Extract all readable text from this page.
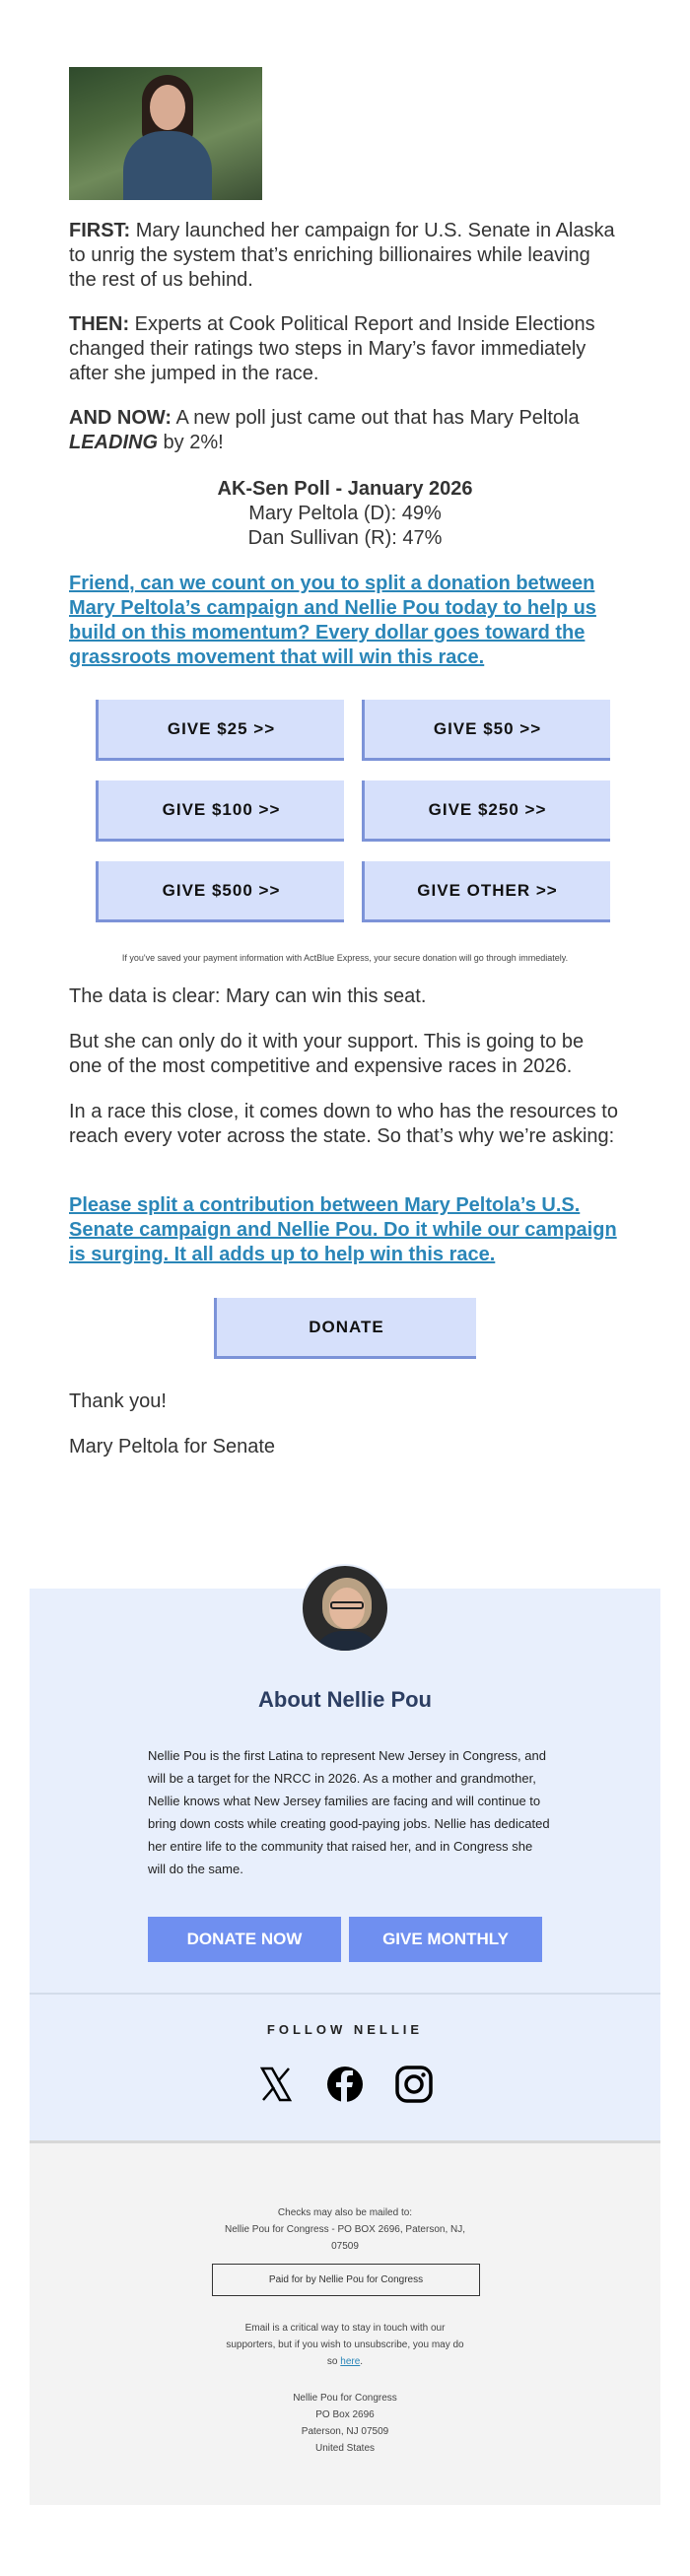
FIRST: Mary launched her campaign for U.S. Senate in Alaska to unrig the system that’s enriching billionaires while leaving the rest of us behind.
THEN: Experts at Cook Political Report and Inside Elections changed their ratings two steps in Mary’s favor immediately after she jumped in the race.
AND NOW: A new poll just came out that has Mary Peltola LEADING by 2%!
AK-Sen Poll - January 2026
Mary Peltola (D): 49%
Dan Sullivan (R): 47%
Friend, can we count on you to split a donation between Mary Peltola’s campaign and Nellie Pou today to help us build on this momentum? Every dollar goes toward the grassroots movement that will win this race.
GIVE $25 >>	GIVE $50 >>
GIVE $100 >>	GIVE $250 >>
GIVE $500 >>	GIVE OTHER >>
If you've saved your payment information with ActBlue Express, your secure donation will go through immediately.
The data is clear: Mary can win this seat.
But she can only do it with your support. This is going to be one of the most competitive and expensive races in 2026.
In a race this close, it comes down to who has the resources to reach every voter across the state. So that’s why we’re asking:
Please split a contribution between Mary Peltola’s U.S. Senate campaign and Nellie Pou. Do it while our campaign is surging. It all adds up to help win this race.
DONATE
Thank you!
Mary Peltola for Senate
About Nellie Pou
Nellie Pou is the first Latina to represent New Jersey in Congress, and will be a target for the NRCC in 2026. As a mother and grandmother, Nellie knows what New Jersey families are facing and will continue to bring down costs while creating good-paying jobs. Nellie has dedicated her entire life to the community that raised her, and in Congress she will do the same.
DONATE NOW	GIVE MONTHLY
FOLLOW NELLIE
Checks may also be mailed to:
Nellie Pou for Congress - PO BOX 2696, Paterson, NJ,
07509
Paid for by Nellie Pou for Congress
Email is a critical way to stay in touch with our
supporters, but if you wish to unsubscribe, you may do
so here.
Nellie Pou for Congress
PO Box 2696
Paterson, NJ 07509
United States
